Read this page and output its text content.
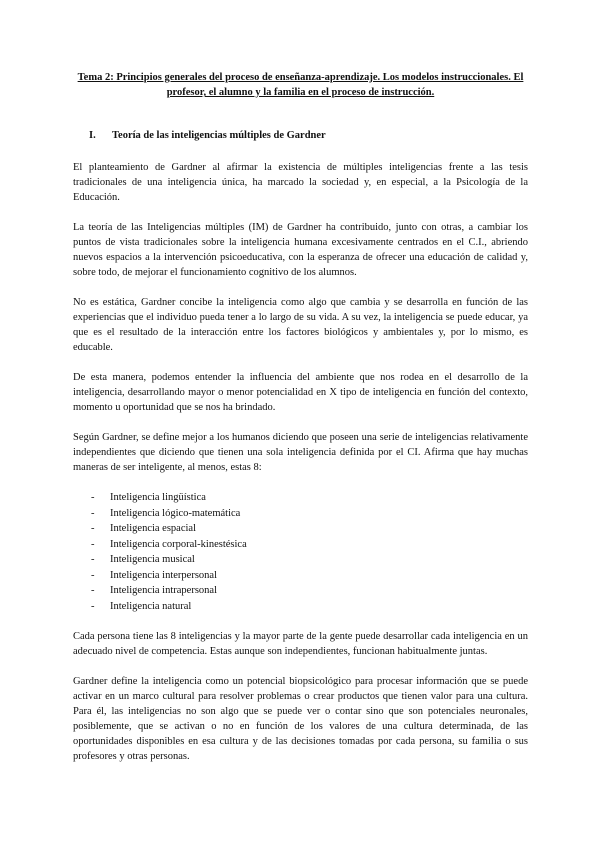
Tema 2: Principios generales del proceso de enseñanza-aprendizaje. Los modelos instruccionales. El profesor, el alumno y la familia en el proceso de instrucción.
I.	Teoría de las inteligencias múltiples de Gardner

El planteamiento de Gardner al afirmar la existencia de múltiples inteligencias frente a las tesis tradicionales de una inteligencia única, ha marcado la sociedad y, en especial, a la Psicología de la Educación.

La teoría de las Inteligencias múltiples (IM) de Gardner ha contribuido, junto con otras, a cambiar los puntos de vista tradicionales sobre la inteligencia humana excesivamente centrados en el C.I., abriendo nuevos espacios a la intervención psicoeducativa, con la esperanza de ofrecer una educación de calidad y, sobre todo, de mejorar el funcionamiento cognitivo de los alumnos.

No es estática, Gardner concibe la inteligencia como algo que cambia y se desarrolla en función de las experiencias que el individuo pueda tener a lo largo de su vida. A su vez, la inteligencia se puede educar, ya que es el resultado de la interacción entre los factores biológicos y ambientales y, por lo mismo, es educable.

De esta manera, podemos entender la influencia del ambiente que nos rodea en el desarrollo de la inteligencia, desarrollando mayor o menor potencialidad en X tipo de inteligencia en función del contexto, momento u oportunidad que se nos ha brindado.

Según Gardner, se define mejor a los humanos diciendo que poseen una serie de inteligencias relativamente independientes que diciendo que tienen una sola inteligencia definida por el CI. Afirma que hay muchas maneras de ser inteligente, al menos, estas 8:

-	Inteligencia lingüística
-	Inteligencia lógico-matemática
-	Inteligencia espacial
-	Inteligencia corporal-kinestésica
-	Inteligencia musical
-	Inteligencia interpersonal
-	Inteligencia intrapersonal
-	Inteligencia natural

Cada persona tiene las 8 inteligencias y la mayor parte de la gente puede desarrollar cada inteligencia en un adecuado nivel de competencia. Estas aunque son independientes, funcionan habitualmente juntas.

Gardner define la inteligencia como un potencial biopsicológico para procesar información que se puede activar en un marco cultural para resolver problemas o crear productos que tienen valor para una cultura. Para él, las inteligencias no son algo que se puede ver o contar sino que son potenciales neuronales, posiblemente, que se activan o no en función de los valores de una cultura determinada, de las oportunidades disponibles en esa cultura y de las decisiones tomadas por cada persona, su familia o sus profesores y otras personas.
